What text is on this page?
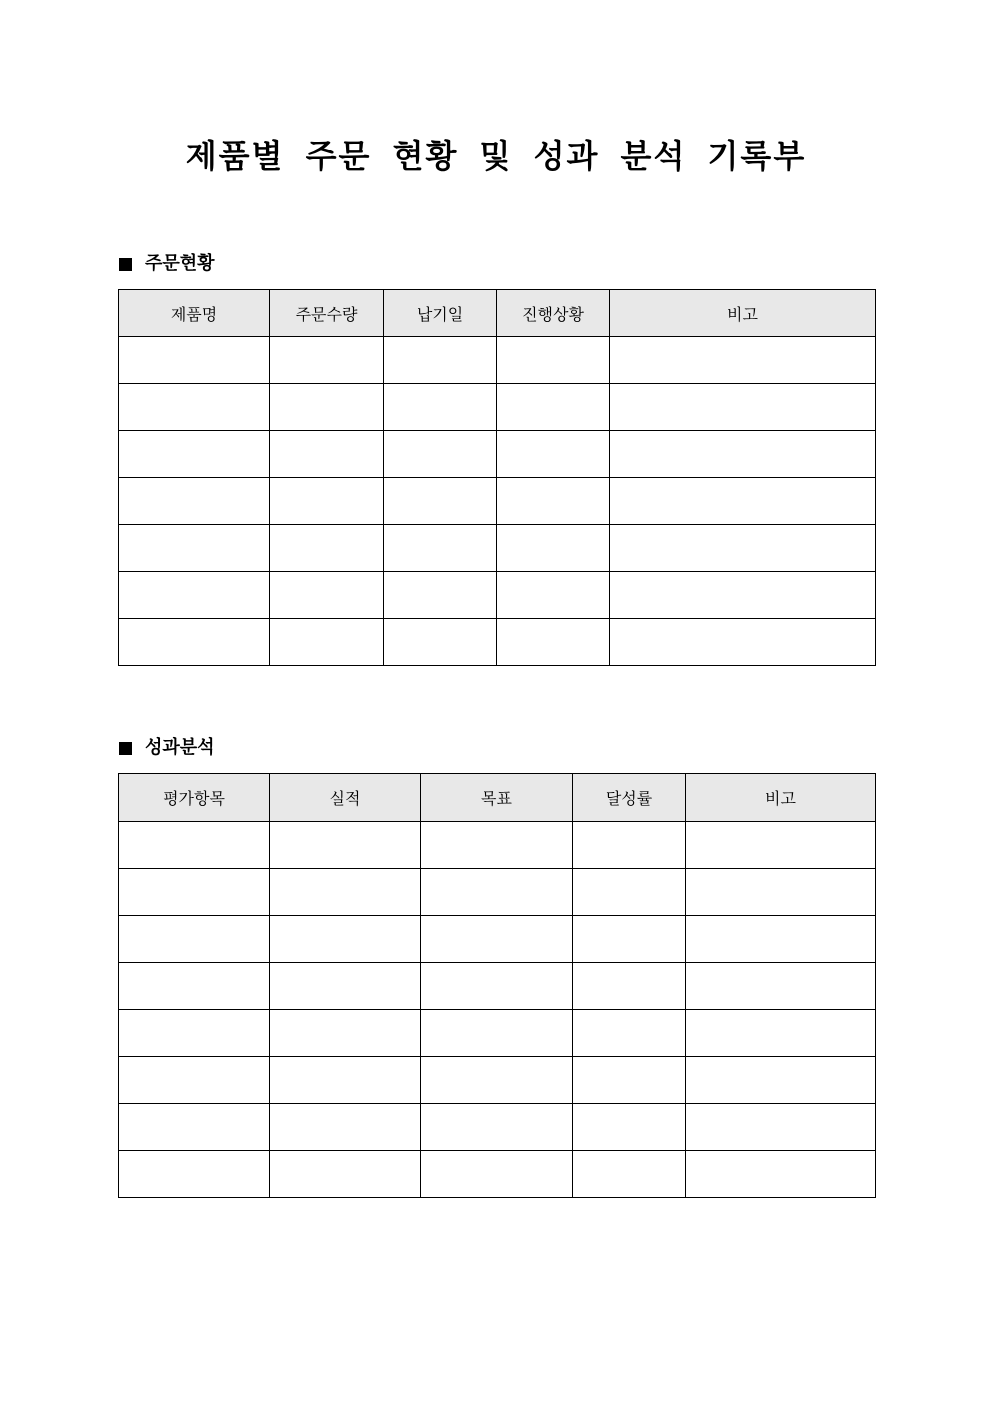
제품별 주문 현황 및 성과 분석 기록부
주문현황
제품명	주문수량	납기일	진행상황	비고

성과분석
평가항목	실적	목표	달성률	비고
